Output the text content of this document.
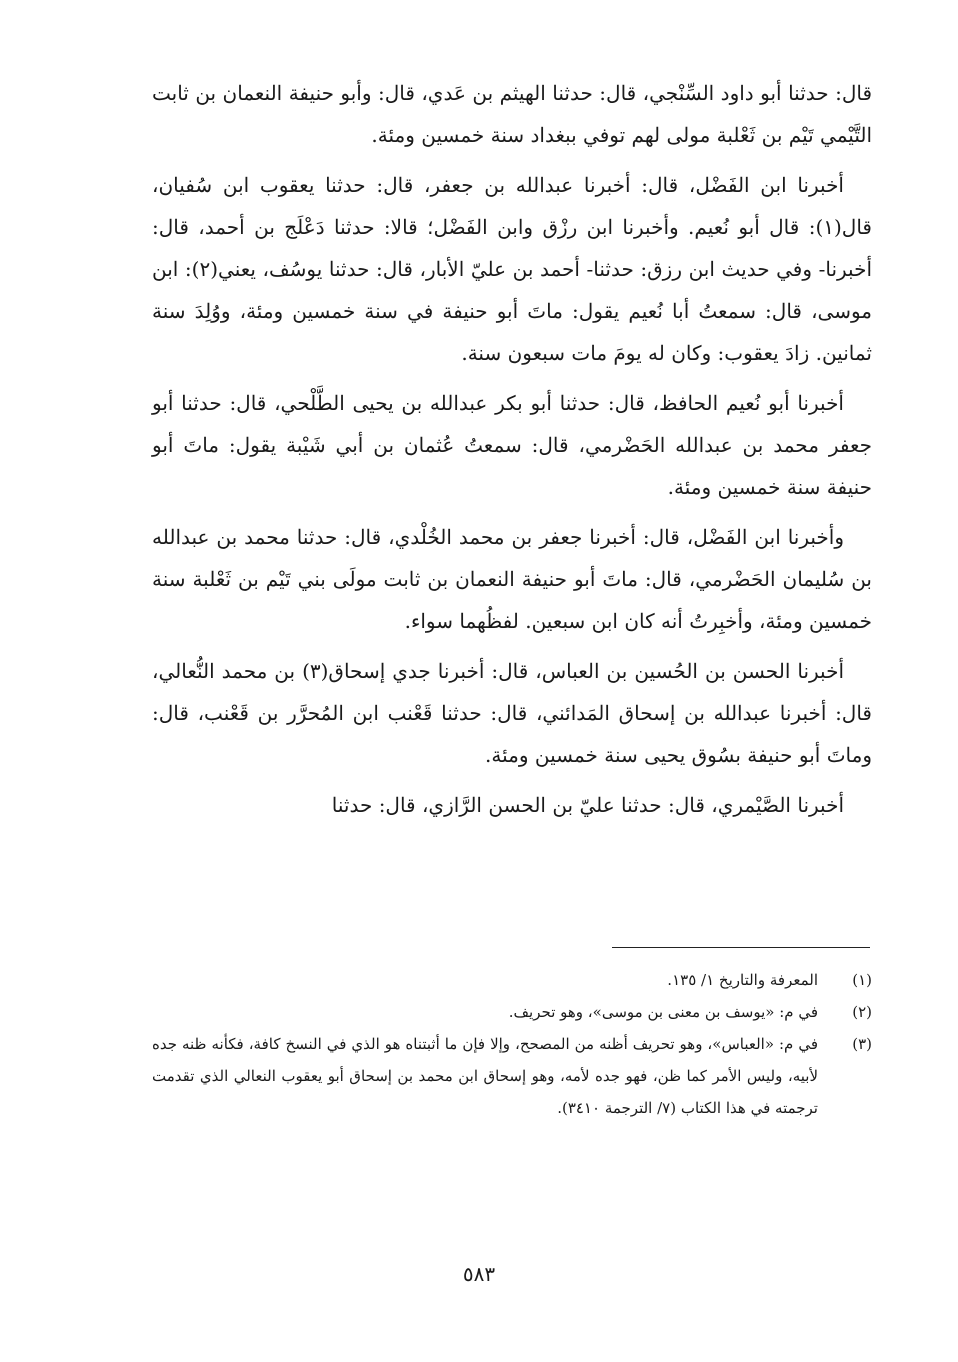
قال: حدثنا أبو داود السِّنْجي، قال: حدثنا الهيثم بن عَدي، قال: وأبو حنيفة النعمان بن ثابت التَّيْمي تَيْم بن ثَعْلبة مولى لهم توفي ببغداد سنة خمسين ومئة.

أخبرنا ابن الفَضْل، قال: أخبرنا عبدالله بن جعفر، قال: حدثنا يعقوب ابن سُفيان، قال(١): قال أبو نُعيم. وأخبرنا ابن رزْق وابن الفَضْل؛ قالا: حدثنا دَعْلَج بن أحمد، قال: أخبرنا- وفي حديث ابن رزق: حدثنا- أحمد بن عليّ الأبار، قال: حدثنا يوسُف، يعني(٢): ابن موسى، قال: سمعتُ أبا نُعيم يقول: ماتَ أبو حنيفة في سنة خمسين ومئة، ووُلِدَ سنة ثمانين. زادَ يعقوب: وكان له يومَ مات سبعون سنة.

أخبرنا أبو نُعيم الحافظ، قال: حدثنا أبو بكر عبدالله بن يحيى الطَّلْحي، قال: حدثنا أبو جعفر محمد بن عبدالله الحَضْرمي، قال: سمعتُ عُثمان بن أبي شَيْبة يقول: ماتَ أبو حنيفة سنة خمسين ومئة.

وأخبرنا ابن الفَضْل، قال: أخبرنا جعفر بن محمد الخُلْدي، قال: حدثنا محمد بن عبدالله بن سُليمان الحَضْرمي، قال: ماتَ أبو حنيفة النعمان بن ثابت مولَى بني تَيْم بن ثَعْلبة سنة خمسين ومئة، وأخبِرتُ أنه كان ابن سبعين. لفظُهما سواء.

أخبرنا الحسن بن الحُسين بن العباس، قال: أخبرنا جدي إسحاق(٣) بن محمد النُّعالي، قال: أخبرنا عبدالله بن إسحاق المَدائني، قال: حدثنا قَعْنب ابن المُحرَّر بن قَعْنب، قال: وماتَ أبو حنيفة بسُوق يحيى سنة خمسين ومئة.

أخبرنا الصَّيْمري، قال: حدثنا عليّ بن الحسن الرَّازي، قال: حدثنا

(١)
المعرفة والتاريخ ١/ ١٣٥.
(٢)
في م: «يوسف بن معنى بن موسى»، وهو تحريف.
(٣)
في م: «العباس»، وهو تحريف أظنه من المصحح، وإلا فإن ما أثبتناه هو الذي في النسخ كافة، فكأنه ظنه جده لأبيه، وليس الأمر كما ظن، فهو جده لأمه، وهو إسحاق ابن محمد بن إسحاق أبو يعقوب النعالي الذي تقدمت ترجمته في هذا الكتاب (٧/ الترجمة ٣٤١٠).
٥٨٣
